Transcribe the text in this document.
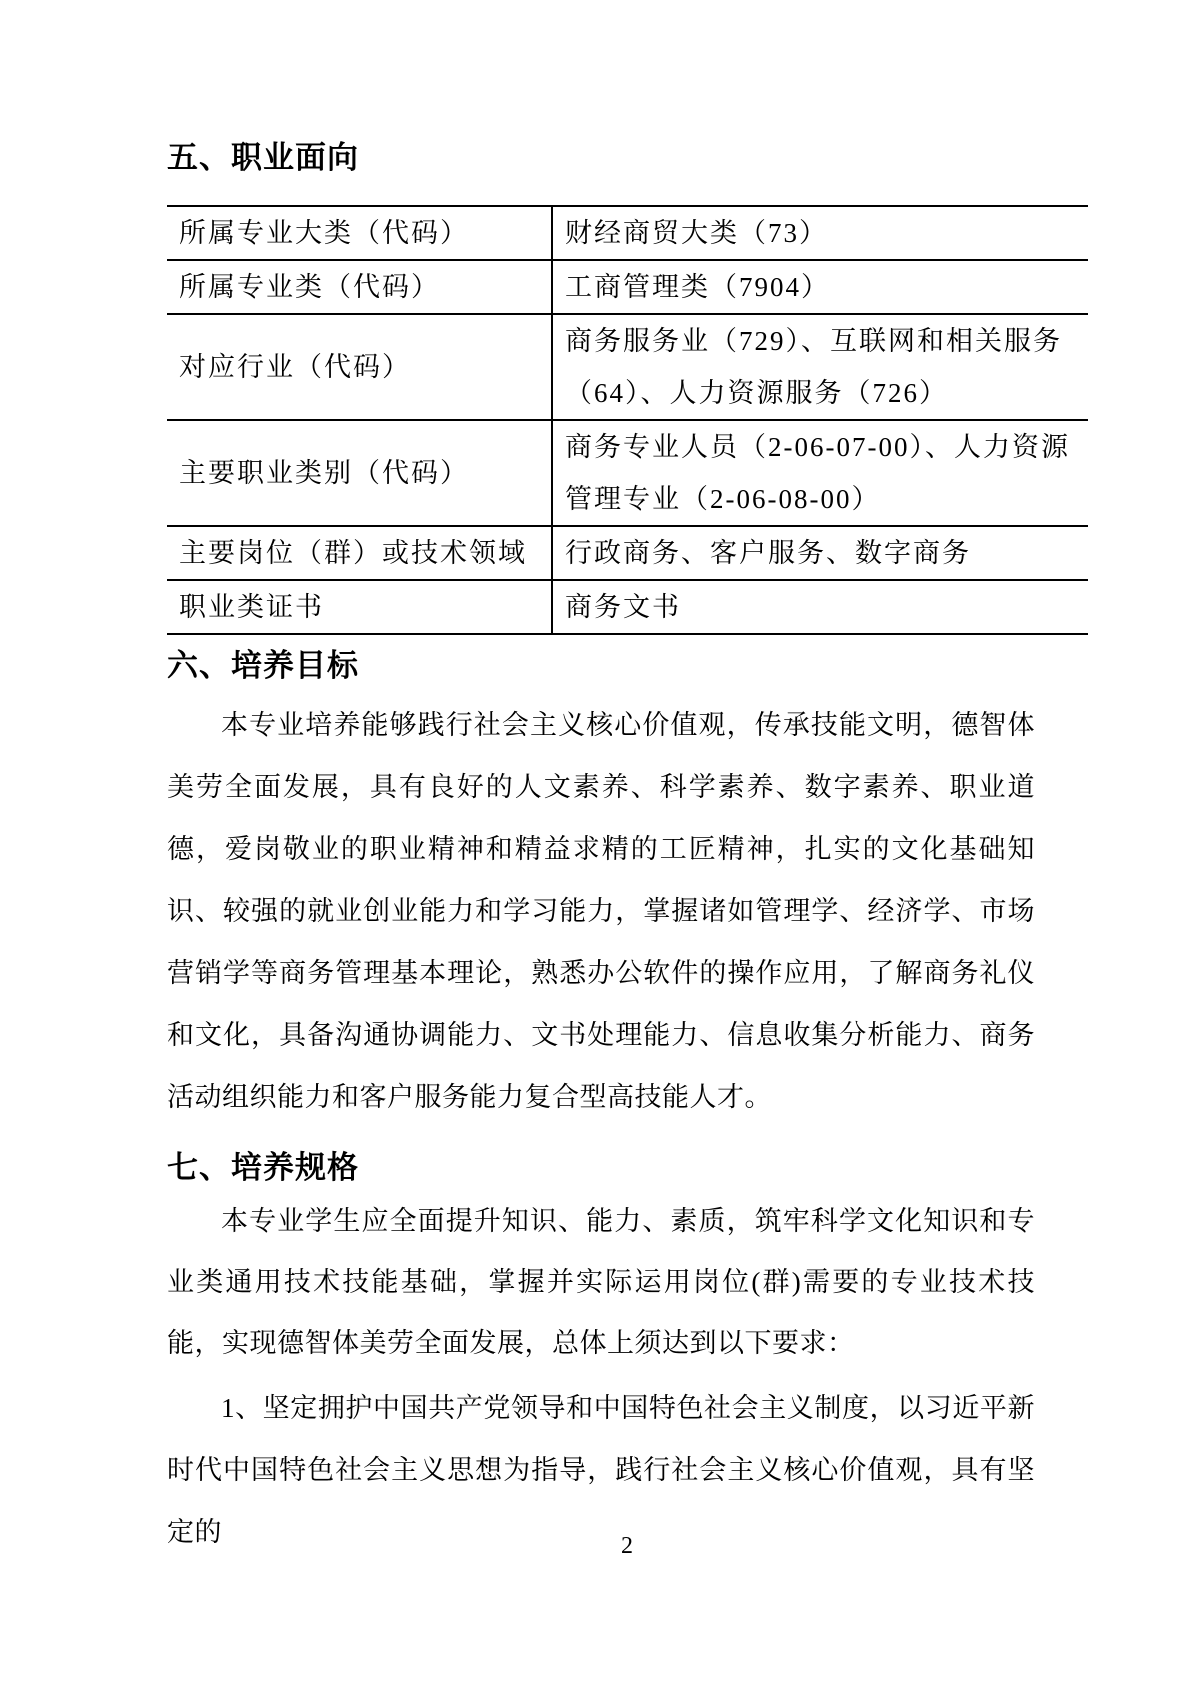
五、职业面向
所属专业大类（代码）	财经商贸大类（73）
所属专业类（代码）	工商管理类（7904）
对应行业（代码）	商务服务业（729）、互联网和相关服务（64）、人力资源服务（726）
主要职业类别（代码）	商务专业人员（2-06-07-00）、人力资源管理专业（2-06-08-00）
主要岗位（群）或技术领域	行政商务、客户服务、数字商务
职业类证书	商务文书
六、培养目标

本专业培养能够践行社会主义核心价值观，传承技能文明，德智体美劳全面发展，具有良好的人文素养、科学素养、数字素养、职业道德，爱岗敬业的职业精神和精益求精的工匠精神，扎实的文化基础知识、较强的就业创业能力和学习能力，掌握诸如管理学、经济学、市场营销学等商务管理基本理论，熟悉办公软件的操作应用，了解商务礼仪和文化，具备沟通协调能力、文书处理能力、信息收集分析能力、商务活动组织能力和客户服务能力复合型高技能人才。

七、培养规格

本专业学生应全面提升知识、能力、素质，筑牢科学文化知识和专业类通用技术技能基础，掌握并实际运用岗位(群)需要的专业技术技能，实现德智体美劳全面发展，总体上须达到以下要求：

1、坚定拥护中国共产党领导和中国特色社会主义制度，以习近平新时代中国特色社会主义思想为指导，践行社会主义核心价值观，具有坚定的	2
